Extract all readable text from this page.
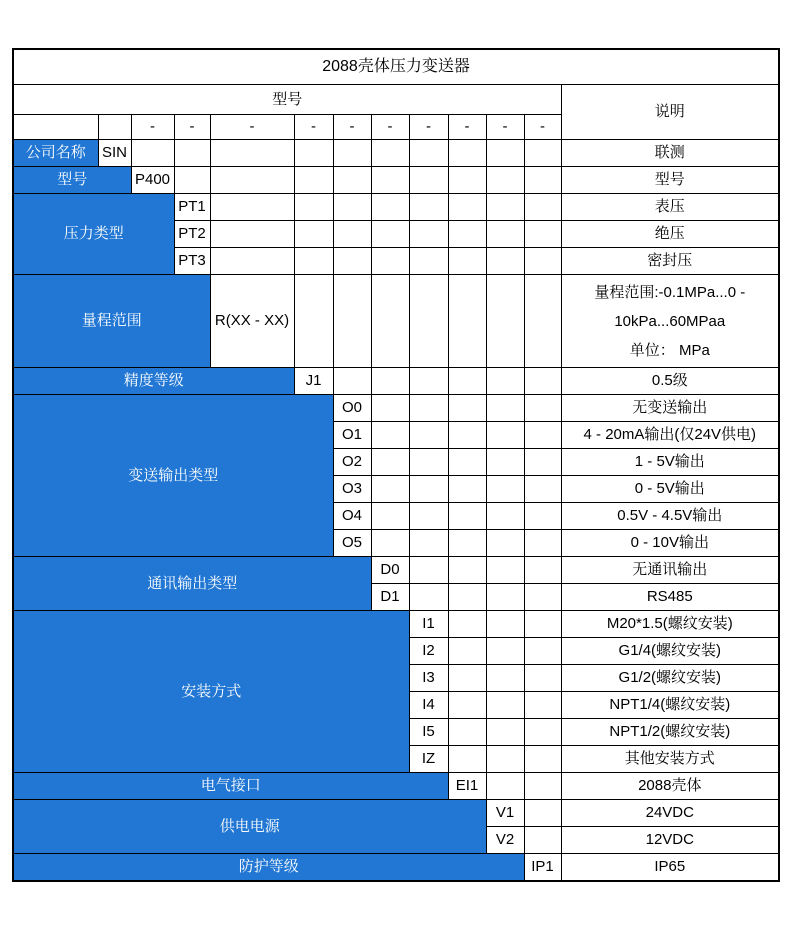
2088壳体压力变送器												
型号												说明
		-	-	-	-	-	-	-	-	-	-	
公司名称	SIN											联测
型号		P400										型号
压力类型			PT1									表压
			PT2									绝压
			PT3									密封压
量程范围				R(XX - XX)								量程范围:-0.1MPa...0 -
10kPa...60MPaa
单位： MPa

精度等级					J1							0.5级
变送输出类型						O0						无变送输出
						O1						4 - 20mA输出(仅24V供电)
						O2						1 - 5V输出
						O3						0 - 5V输出
						O4						0.5V - 4.5V输出
						O5						0 - 10V输出
通讯输出类型							D0					无通讯输出
							D1					RS485
安装方式								I1				M20*1.5(螺纹安装)
								I2				G1/4(螺纹安装)
								I3				G1/2(螺纹安装)
								I4				NPT1/4(螺纹安装)
								I5				NPT1/2(螺纹安装)
								IZ				其他安装方式
电气接口									EI1			2088壳体
供电电源										V1		24VDC
										V2		12VDC
防护等级											IP1	IP65
